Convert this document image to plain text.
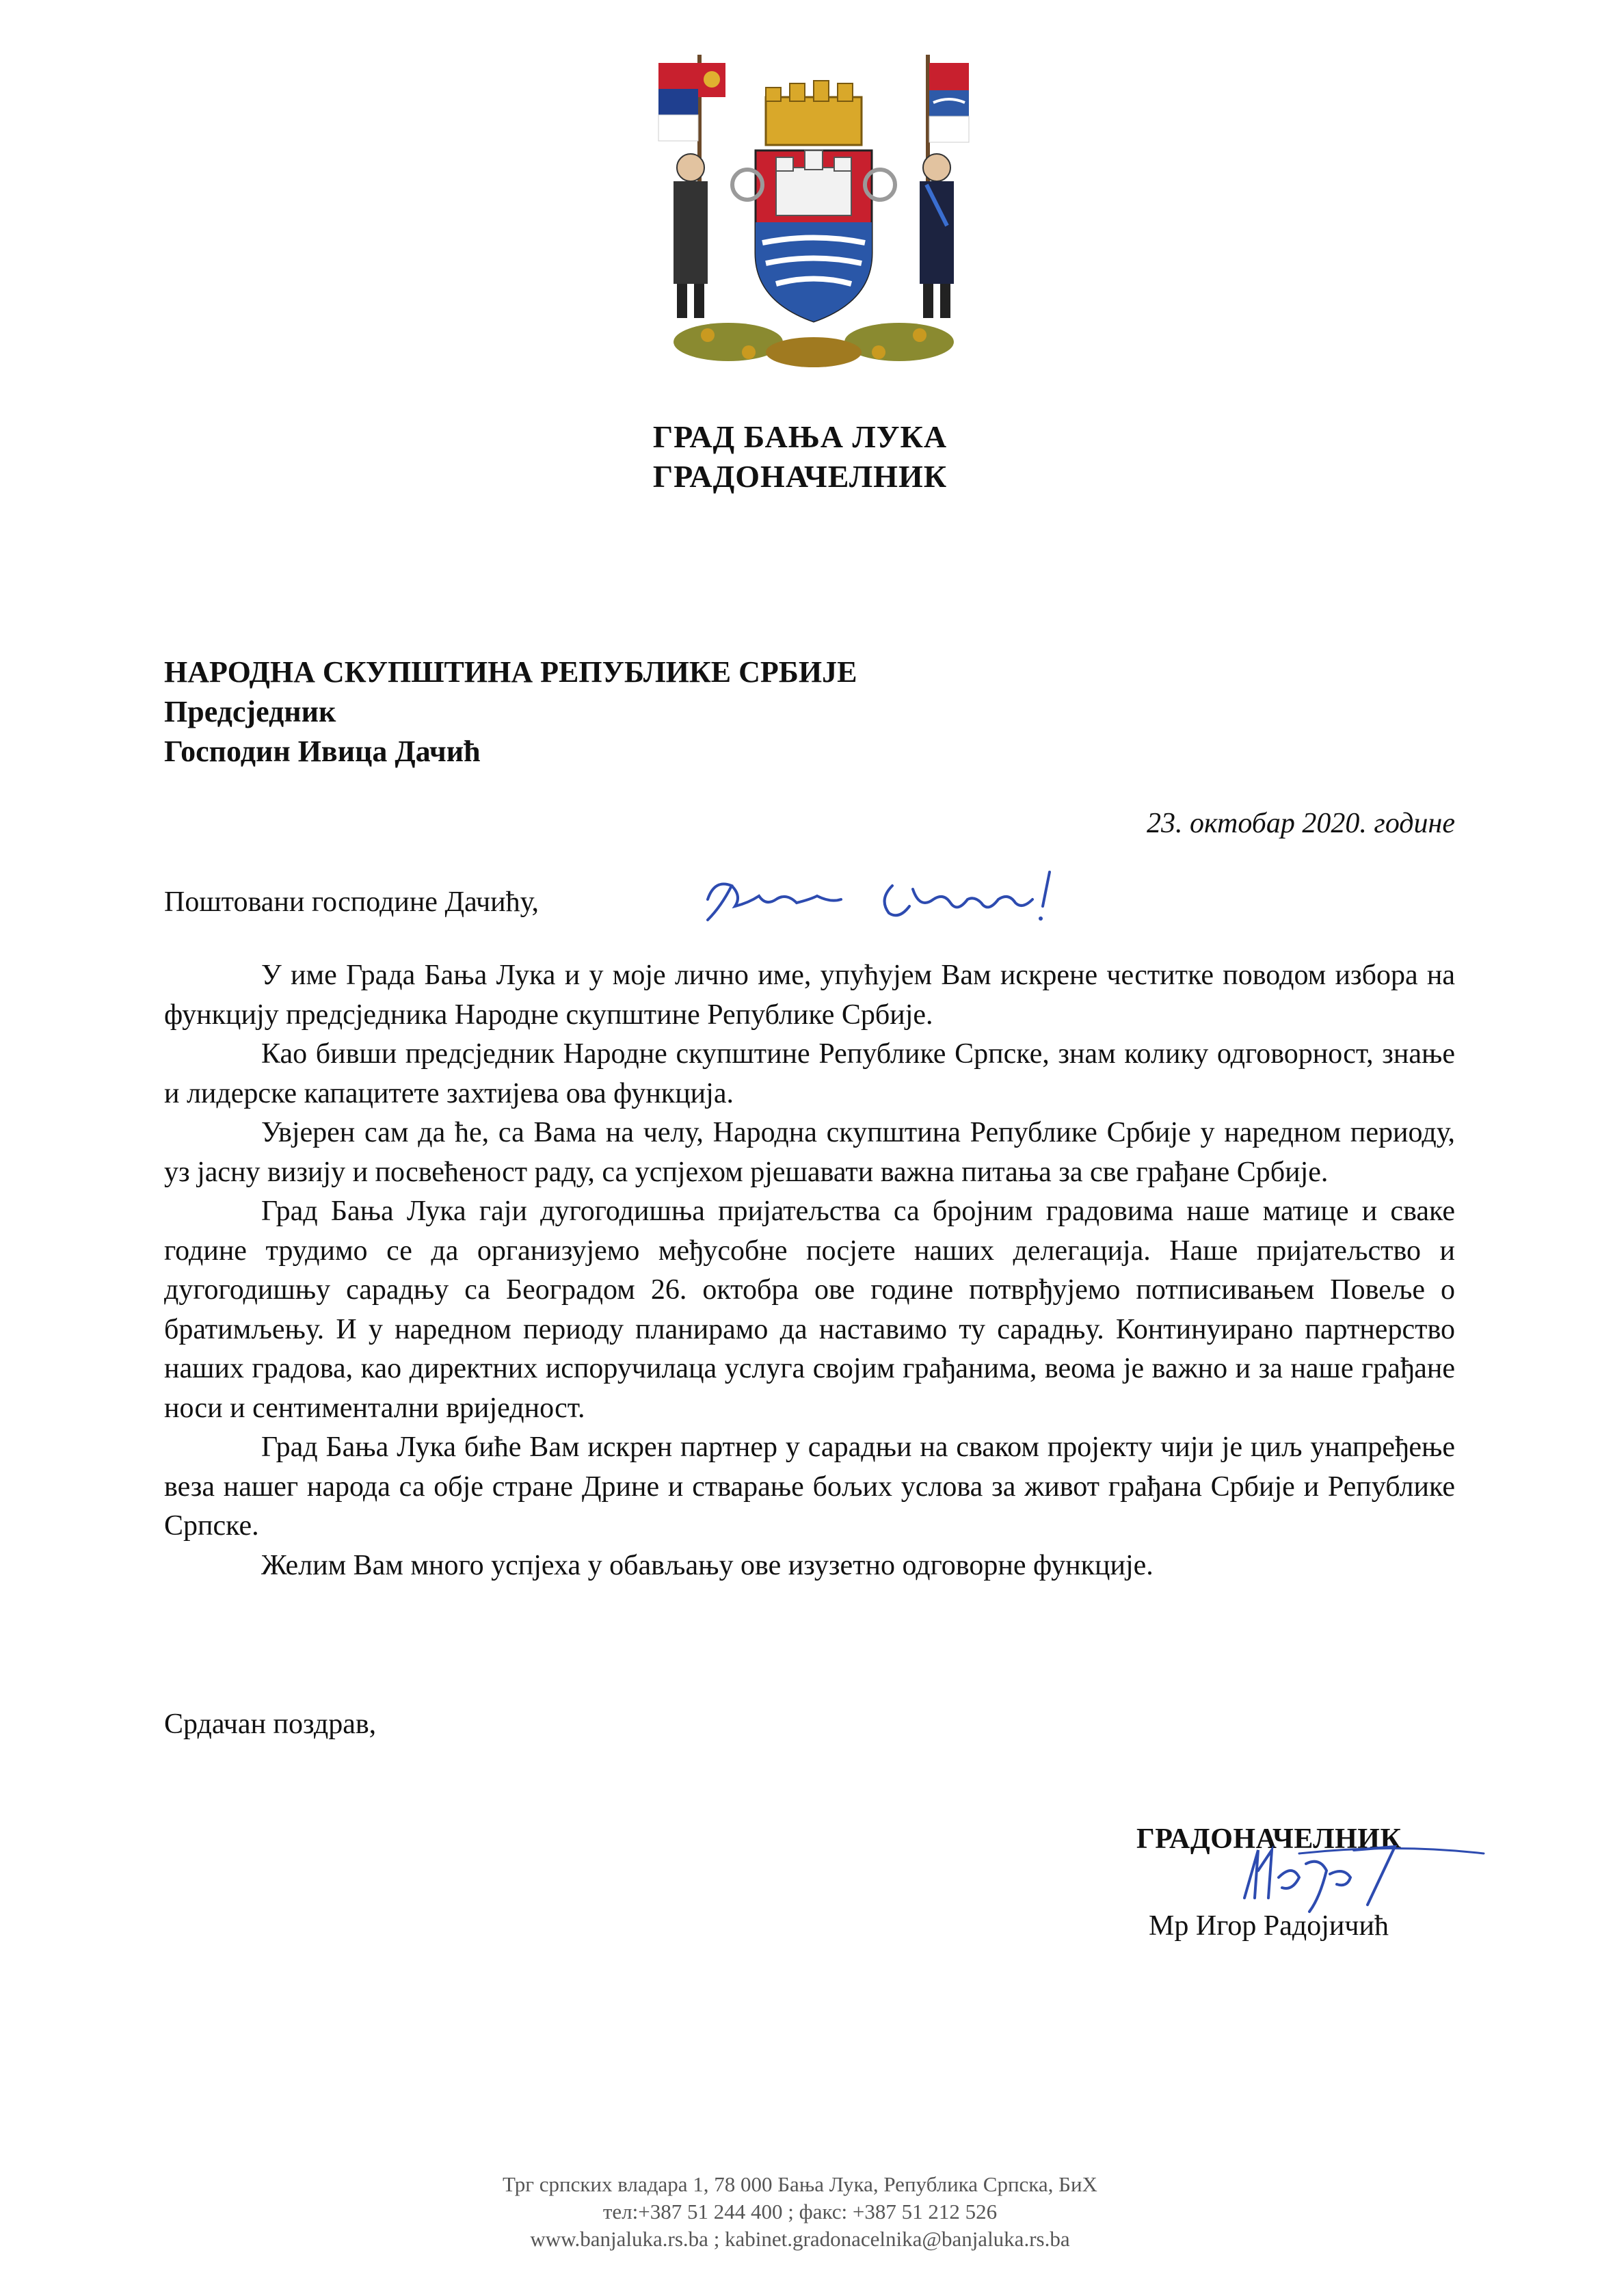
ГРАД БАЊА ЛУКА
ГРАДОНАЧЕЛНИК
НАРОДНА СКУПШТИНА РЕПУБЛИКЕ СРБИЈЕ
Предсједник
Господин Ивица Дачић
23. октобар 2020. године
Поштовани господине Дачићу,

У име Града Бања Лука и у моје лично име, упућујем Вам искрене честитке поводом избора на функцију предсједника Народне скупштине Републике Србије.

Као бивши предсједник Народне скупштине Републике Српске, знам колику одговорност, знање и лидерске капацитете захтијева ова функција.

Увјерен сам да ће, са Вама на челу, Народна скупштина Републике Србије у наредном периоду, уз јасну визију и посвећеност раду, са успјехом рјешавати важна питања за све грађане Србије.

Град Бања Лука гаји дугогодишња пријатељства са бројним градовима наше матице и сваке године трудимо се да организујемо међусобне посјете наших делегација. Наше пријатељство и дугогодишњу сарадњу са Београдом 26. октобра ове године потврђујемо потписивањем Повеље о братимљењу. И у наредном периоду планирамо да наставимо ту сарадњу. Континуирано партнерство наших градова, као директних испоручилаца услуга својим грађанима, веома је важно и за наше грађане носи и сентиментални вриједност.

Град Бања Лука биће Вам искрен партнер у сарадњи на сваком пројекту чији је циљ унапређење веза нашег народа са обје стране Дрине и стварање бољих услова за живот грађана Србије и Републике Српске.

Желим Вам много успјеха у обављању ове изузетно одговорне функције.

Срдачан поздрав,
ГРАДОНАЧЕЛНИК
Мр Игор Радојичић
Трг српских владара 1, 78 000 Бања Лука, Република Српска, БиХ
тел:+387 51 244 400 ; факс: +387 51 212 526
www.banjaluka.rs.ba ; kabinet.gradonacelnika@banjaluka.rs.ba
